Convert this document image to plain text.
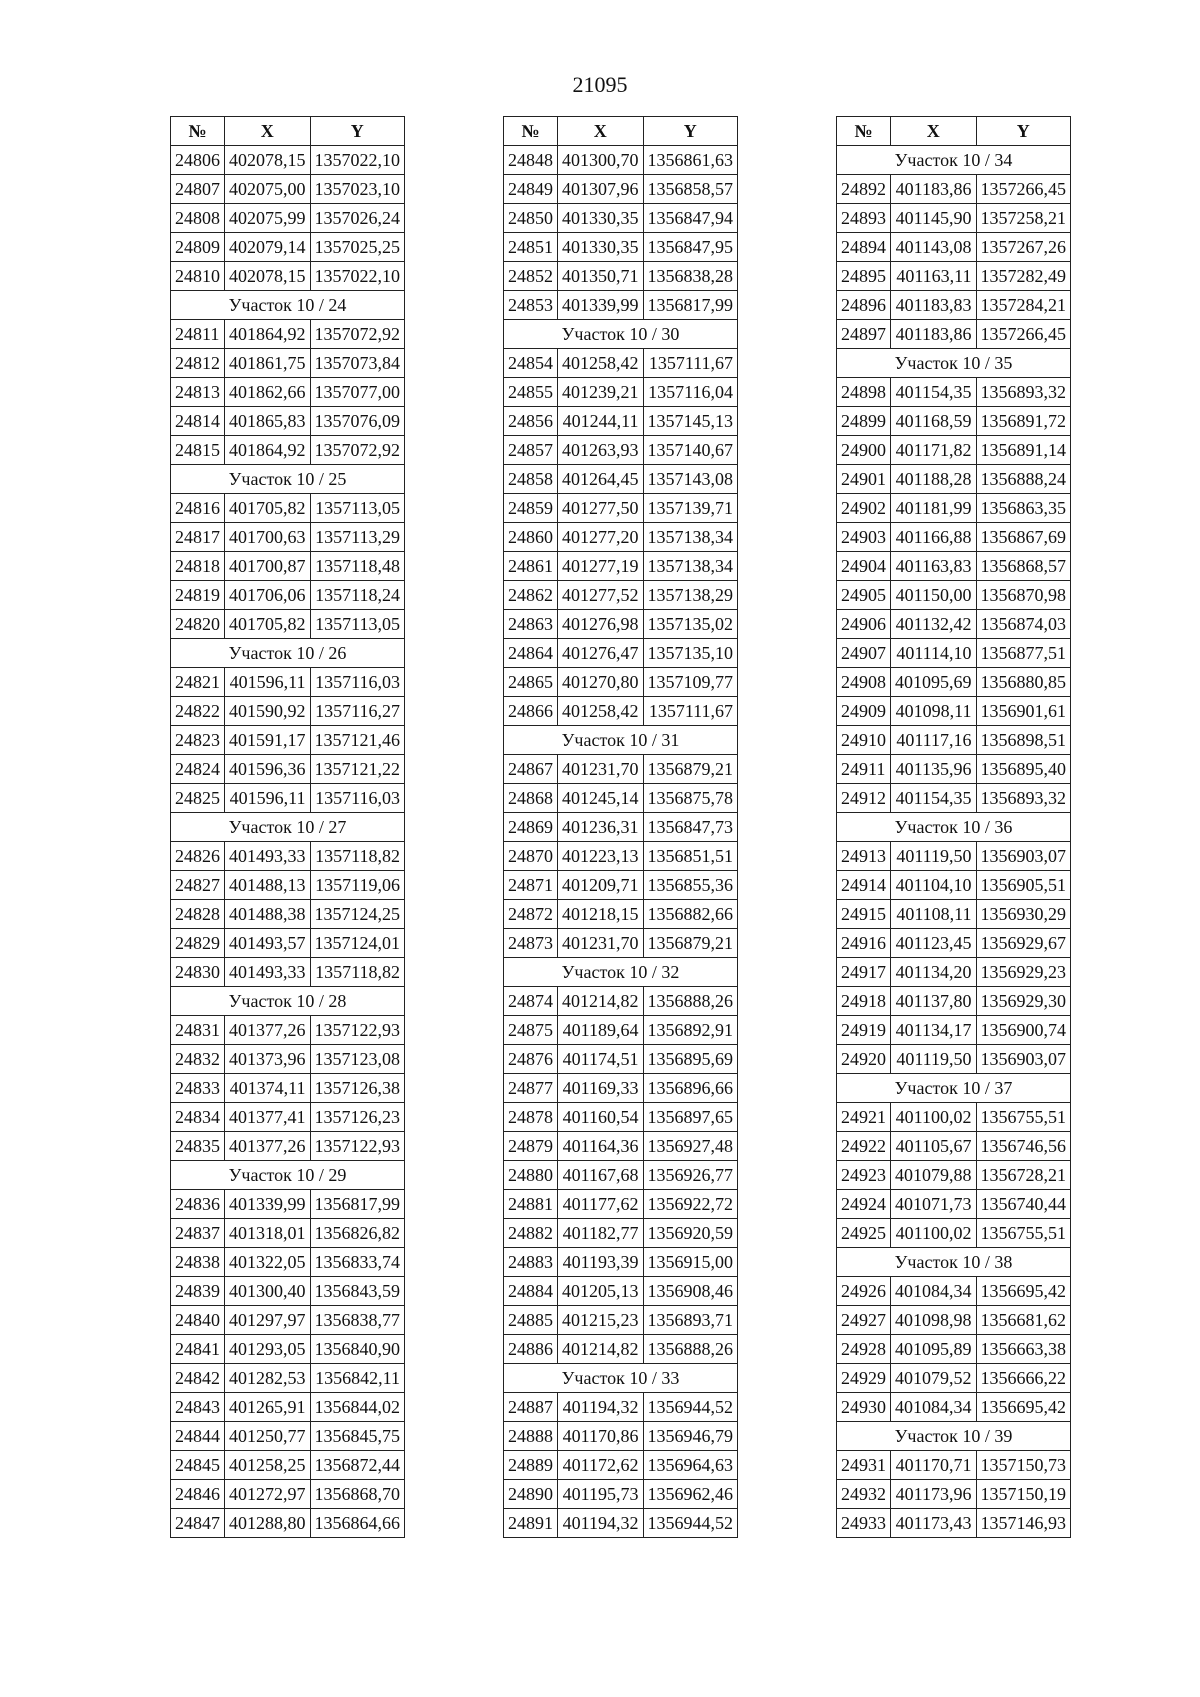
21095
№	X	Y
24806	402078,15	1357022,10
24807	402075,00	1357023,10
24808	402075,99	1357026,24
24809	402079,14	1357025,25
24810	402078,15	1357022,10
Участок 10 / 24		
24811	401864,92	1357072,92
24812	401861,75	1357073,84
24813	401862,66	1357077,00
24814	401865,83	1357076,09
24815	401864,92	1357072,92
Участок 10 / 25		
24816	401705,82	1357113,05
24817	401700,63	1357113,29
24818	401700,87	1357118,48
24819	401706,06	1357118,24
24820	401705,82	1357113,05
Участок 10 / 26		
24821	401596,11	1357116,03
24822	401590,92	1357116,27
24823	401591,17	1357121,46
24824	401596,36	1357121,22
24825	401596,11	1357116,03
Участок 10 / 27		
24826	401493,33	1357118,82
24827	401488,13	1357119,06
24828	401488,38	1357124,25
24829	401493,57	1357124,01
24830	401493,33	1357118,82
Участок 10 / 28		
24831	401377,26	1357122,93
24832	401373,96	1357123,08
24833	401374,11	1357126,38
24834	401377,41	1357126,23
24835	401377,26	1357122,93
Участок 10 / 29		
24836	401339,99	1356817,99
24837	401318,01	1356826,82
24838	401322,05	1356833,74
24839	401300,40	1356843,59
24840	401297,97	1356838,77
24841	401293,05	1356840,90
24842	401282,53	1356842,11
24843	401265,91	1356844,02
24844	401250,77	1356845,75
24845	401258,25	1356872,44
24846	401272,97	1356868,70
24847	401288,80	1356864,66
№	X	Y
24848	401300,70	1356861,63
24849	401307,96	1356858,57
24850	401330,35	1356847,94
24851	401330,35	1356847,95
24852	401350,71	1356838,28
24853	401339,99	1356817,99
Участок 10 / 30		
24854	401258,42	1357111,67
24855	401239,21	1357116,04
24856	401244,11	1357145,13
24857	401263,93	1357140,67
24858	401264,45	1357143,08
24859	401277,50	1357139,71
24860	401277,20	1357138,34
24861	401277,19	1357138,34
24862	401277,52	1357138,29
24863	401276,98	1357135,02
24864	401276,47	1357135,10
24865	401270,80	1357109,77
24866	401258,42	1357111,67
Участок 10 / 31		
24867	401231,70	1356879,21
24868	401245,14	1356875,78
24869	401236,31	1356847,73
24870	401223,13	1356851,51
24871	401209,71	1356855,36
24872	401218,15	1356882,66
24873	401231,70	1356879,21
Участок 10 / 32		
24874	401214,82	1356888,26
24875	401189,64	1356892,91
24876	401174,51	1356895,69
24877	401169,33	1356896,66
24878	401160,54	1356897,65
24879	401164,36	1356927,48
24880	401167,68	1356926,77
24881	401177,62	1356922,72
24882	401182,77	1356920,59
24883	401193,39	1356915,00
24884	401205,13	1356908,46
24885	401215,23	1356893,71
24886	401214,82	1356888,26
Участок 10 / 33		
24887	401194,32	1356944,52
24888	401170,86	1356946,79
24889	401172,62	1356964,63
24890	401195,73	1356962,46
24891	401194,32	1356944,52
№	X	Y
Участок 10 / 34		
24892	401183,86	1357266,45
24893	401145,90	1357258,21
24894	401143,08	1357267,26
24895	401163,11	1357282,49
24896	401183,83	1357284,21
24897	401183,86	1357266,45
Участок 10 / 35		
24898	401154,35	1356893,32
24899	401168,59	1356891,72
24900	401171,82	1356891,14
24901	401188,28	1356888,24
24902	401181,99	1356863,35
24903	401166,88	1356867,69
24904	401163,83	1356868,57
24905	401150,00	1356870,98
24906	401132,42	1356874,03
24907	401114,10	1356877,51
24908	401095,69	1356880,85
24909	401098,11	1356901,61
24910	401117,16	1356898,51
24911	401135,96	1356895,40
24912	401154,35	1356893,32
Участок 10 / 36		
24913	401119,50	1356903,07
24914	401104,10	1356905,51
24915	401108,11	1356930,29
24916	401123,45	1356929,67
24917	401134,20	1356929,23
24918	401137,80	1356929,30
24919	401134,17	1356900,74
24920	401119,50	1356903,07
Участок 10 / 37		
24921	401100,02	1356755,51
24922	401105,67	1356746,56
24923	401079,88	1356728,21
24924	401071,73	1356740,44
24925	401100,02	1356755,51
Участок 10 / 38		
24926	401084,34	1356695,42
24927	401098,98	1356681,62
24928	401095,89	1356663,38
24929	401079,52	1356666,22
24930	401084,34	1356695,42
Участок 10 / 39		
24931	401170,71	1357150,73
24932	401173,96	1357150,19
24933	401173,43	1357146,93
